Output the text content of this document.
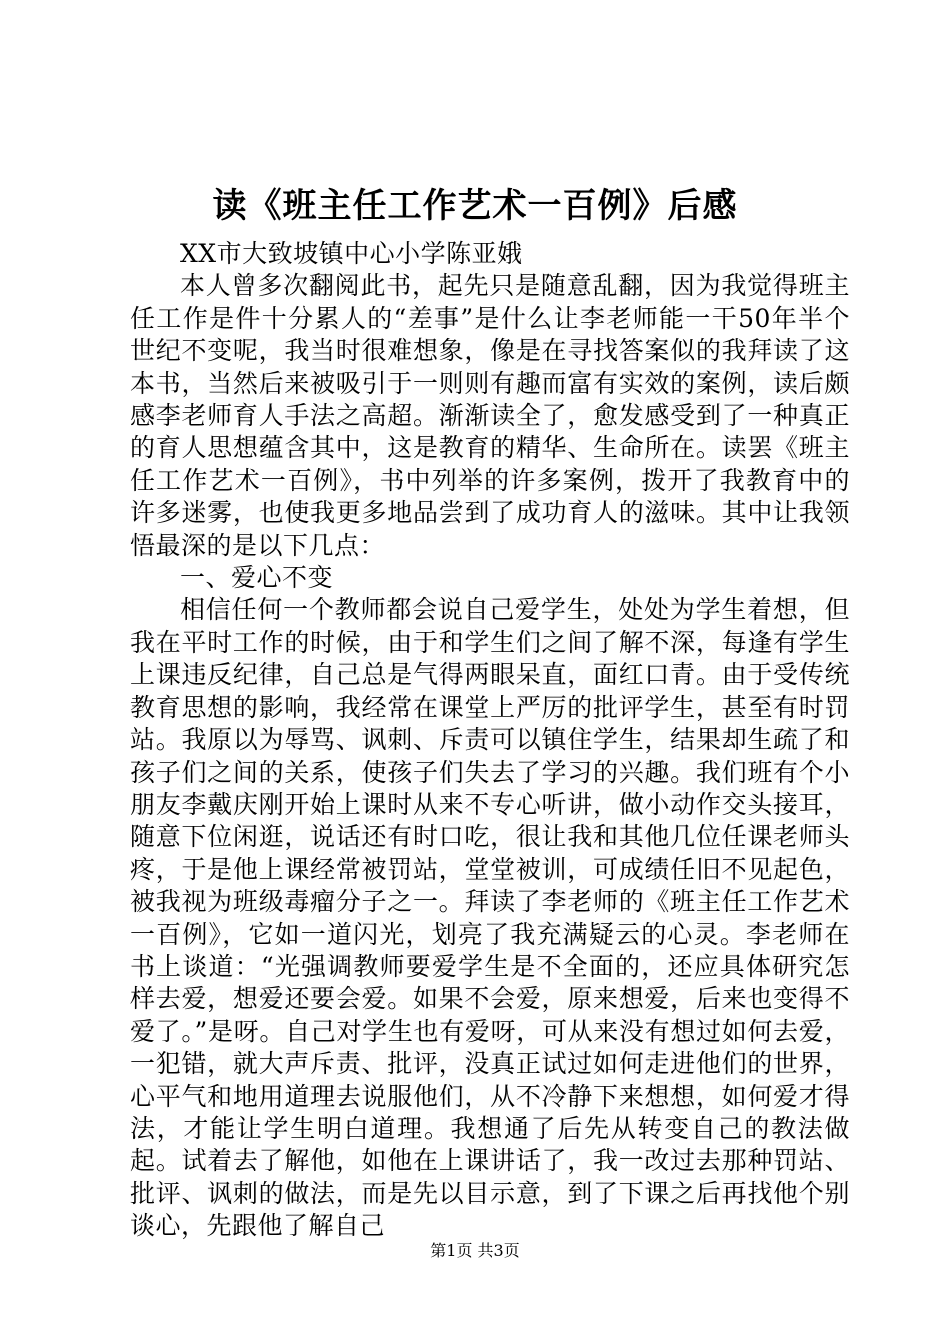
读《班主任工作艺术一百例》后感

XX市大致坡镇中心小学陈亚娥

本人曾多次翻阅此书，起先只是随意乱翻，因为我觉得班主任工作是件十分累人的“差事”是什么让李老师能一干50年半个世纪不变呢，我当时很难想象，像是在寻找答案似的我拜读了这本书，当然后来被吸引于一则则有趣而富有实效的案例，读后颇感李老师育人手法之高超。渐渐读全了，愈发感受到了一种真正的育人思想蕴含其中，这是教育的精华、生命所在。读罢《班主任工作艺术一百例》，书中列举的许多案例，拨开了我教育中的许多迷雾，也使我更多地品尝到了成功育人的滋味。其中让我领悟最深的是以下几点：

一、爱心不变

相信任何一个教师都会说自己爱学生，处处为学生着想，但我在平时工作的时候，由于和学生们之间了解不深，每逢有学生上课违反纪律，自己总是气得两眼呆直，面红口青。由于受传统教育思想的影响，我经常在课堂上严厉的批评学生，甚至有时罚站。我原以为辱骂、讽刺、斥责可以镇住学生，结果却生疏了和孩子们之间的关系，使孩子们失去了学习的兴趣。我们班有个小朋友李戴庆刚开始上课时从来不专心听讲，做小动作交头接耳，随意下位闲逛，说话还有时口吃，很让我和其他几位任课老师头疼，于是他上课经常被罚站，堂堂被训，可成绩任旧不见起色，被我视为班级毒瘤分子之一。拜读了李老师的《班主任工作艺术一百例》，它如一道闪光，划亮了我充满疑云的心灵。李老师在书上谈道：“光强调教师要爱学生是不全面的，还应具体研究怎样去爱，想爱还要会爱。如果不会爱，原来想爱，后来也变得不爱了。”是呀。自己对学生也有爱呀，可从来没有想过如何去爱，一犯错，就大声斥责、批评，没真正试过如何走进他们的世界，心平气和地用道理去说服他们，从不冷静下来想想，如何爱才得法，才能让学生明白道理。我想通了后先从转变自己的教法做起。试着去了解他，如他在上课讲话了，我一改过去那种罚站、批评、讽刺的做法，而是先以目示意，到了下课之后再找他个别谈心，先跟他了解自己

第1页 共3页
